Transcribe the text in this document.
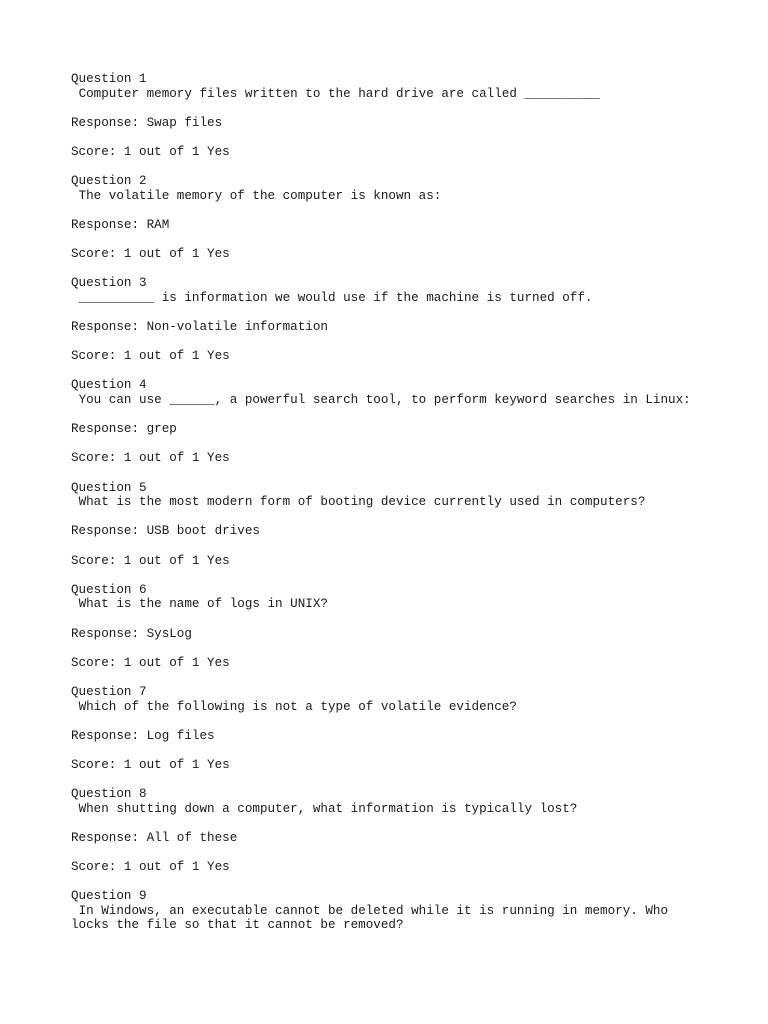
Question 1
Computer memory files written to the hard drive are called __________
Response: Swap files
Score: 1 out of 1 Yes
Question 2
The volatile memory of the computer is known as:
Response: RAM
Score: 1 out of 1 Yes
Question 3
__________ is information we would use if the machine is turned off.
Response: Non-volatile information
Score: 1 out of 1 Yes
Question 4
You can use ______, a powerful search tool, to perform keyword searches in Linux:
Response: grep
Score: 1 out of 1 Yes
Question 5
What is the most modern form of booting device currently used in computers?
Response: USB boot drives
Score: 1 out of 1 Yes
Question 6
What is the name of logs in UNIX?
Response: SysLog
Score: 1 out of 1 Yes
Question 7
Which of the following is not a type of volatile evidence?
Response: Log files
Score: 1 out of 1 Yes
Question 8
When shutting down a computer, what information is typically lost?
Response: All of these
Score: 1 out of 1 Yes
Question 9
In Windows, an executable cannot be deleted while it is running in memory. Who locks the file so that it cannot be removed?
